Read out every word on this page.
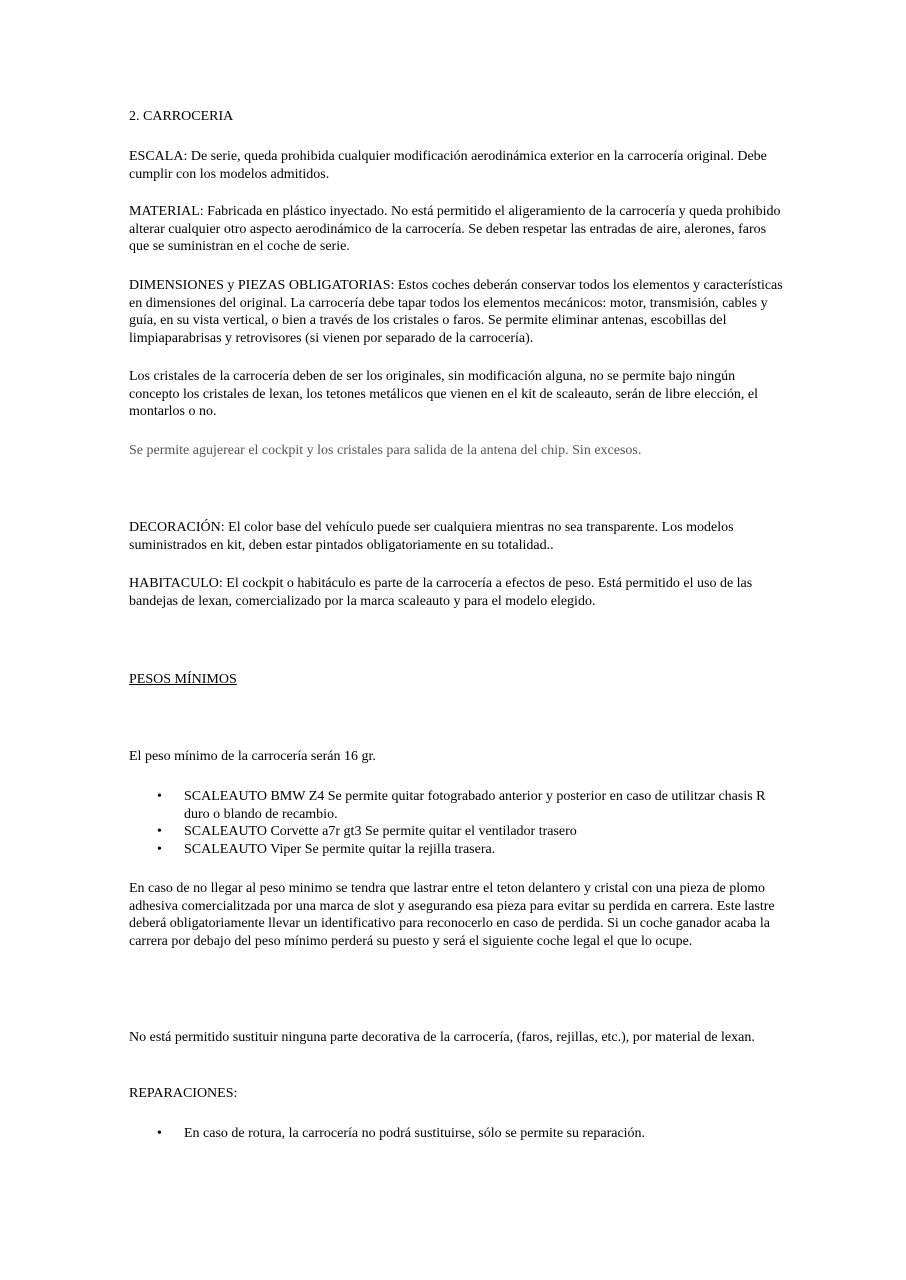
2. CARROCERIA

ESCALA: De serie, queda prohibida cualquier modificación aerodinámica exterior en la carrocería original. Debe cumplir con los modelos admitidos.

MATERIAL: Fabricada en plástico inyectado. No está permitido el aligeramiento de la carrocería y queda prohibido alterar cualquier otro aspecto aerodinámico de la carrocería. Se deben respetar las entradas de aire, alerones, faros que se suministran en el coche de serie.

DIMENSIONES y PIEZAS OBLIGATORIAS: Estos coches deberán conservar todos los elementos y características en dimensiones del original. La carrocería debe tapar todos los elementos mecánicos: motor, transmisión, cables y guía, en su vista vertical, o bien a través de los cristales o faros. Se permite eliminar antenas, escobillas del limpiaparabrisas y retrovisores (si vienen por separado de la carrocería).

Los cristales de la carrocería deben de ser los originales, sin modificación alguna, no se permite bajo ningún concepto los cristales de lexan, los tetones metálicos que vienen en el kit de scaleauto, serán de libre elección, el montarlos o no.

Se permite agujerear el cockpit y los cristales para salida de la antena del chip. Sin excesos.

DECORACIÓN: El color base del vehículo puede ser cualquiera mientras no sea transparente. Los modelos suministrados en kit, deben estar pintados obligatoriamente en su totalidad..

HABITACULO: El cockpit o habitáculo es parte de la carrocería a efectos de peso. Está permitido el uso de las bandejas de lexan, comercializado por la marca scaleauto y para el modelo elegido.

PESOS MÍNIMOS

El peso mínimo de la carrocería serán 16 gr.

• SCALEAUTO BMW Z4 Se permite quitar fotograbado anterior y posterior en caso de utilitzar chasis R duro o blando de recambio.
• SCALEAUTO Corvette a7r gt3 Se permite quitar el ventilador trasero
• SCALEAUTO Viper Se permite quitar la rejilla trasera.

En caso de no llegar al peso minimo se tendra que lastrar entre el teton delantero y cristal con una pieza de plomo adhesiva comercialitzada por una marca de slot y asegurando esa pieza para evitar su perdida en carrera. Este lastre deberá obligatoriamente llevar un identificativo para reconocerlo en caso de perdida. Si un coche ganador acaba la carrera por debajo del peso mínimo perderá su puesto y será el siguiente coche legal el que lo ocupe.

No está permitido sustituir ninguna parte decorativa de la carrocería, (faros, rejillas, etc.), por material de lexan.

REPARACIONES:

• En caso de rotura, la carrocería no podrá sustituirse, sólo se permite su reparación.
